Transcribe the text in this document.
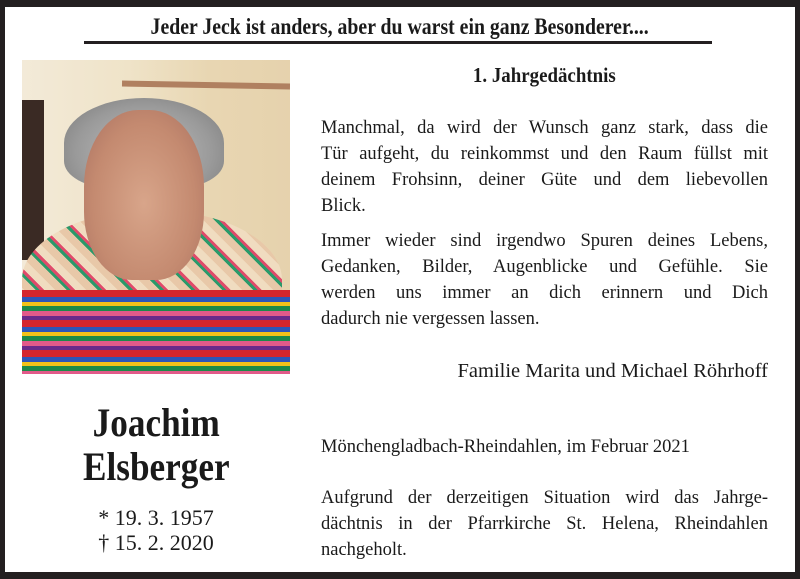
Jeder Jeck ist anders, aber du warst ein ganz Besonderer....
1. Jahrgedächtnis
Manchmal, da wird der Wunsch ganz stark, dass die
Tür aufgeht, du reinkommst und den Raum füllst mit
deinem Frohsinn, deiner Güte und dem liebevollen
Blick.
Immer wieder sind irgendwo Spuren deines Lebens,
Gedanken, Bilder, Augenblicke und Gefühle. Sie
werden uns immer an dich erinnern und Dich
dadurch nie vergessen lassen.
Familie Marita und Michael Röhrhoff
Mönchengladbach-Rheindahlen, im Februar 2021
Aufgrund der derzeitigen Situation wird das Jahrge-
dächtnis in der Pfarrkirche St. Helena, Rheindahlen
nachgeholt.
Joachim
Elsberger
* 19. 3. 1957
† 15. 2. 2020
